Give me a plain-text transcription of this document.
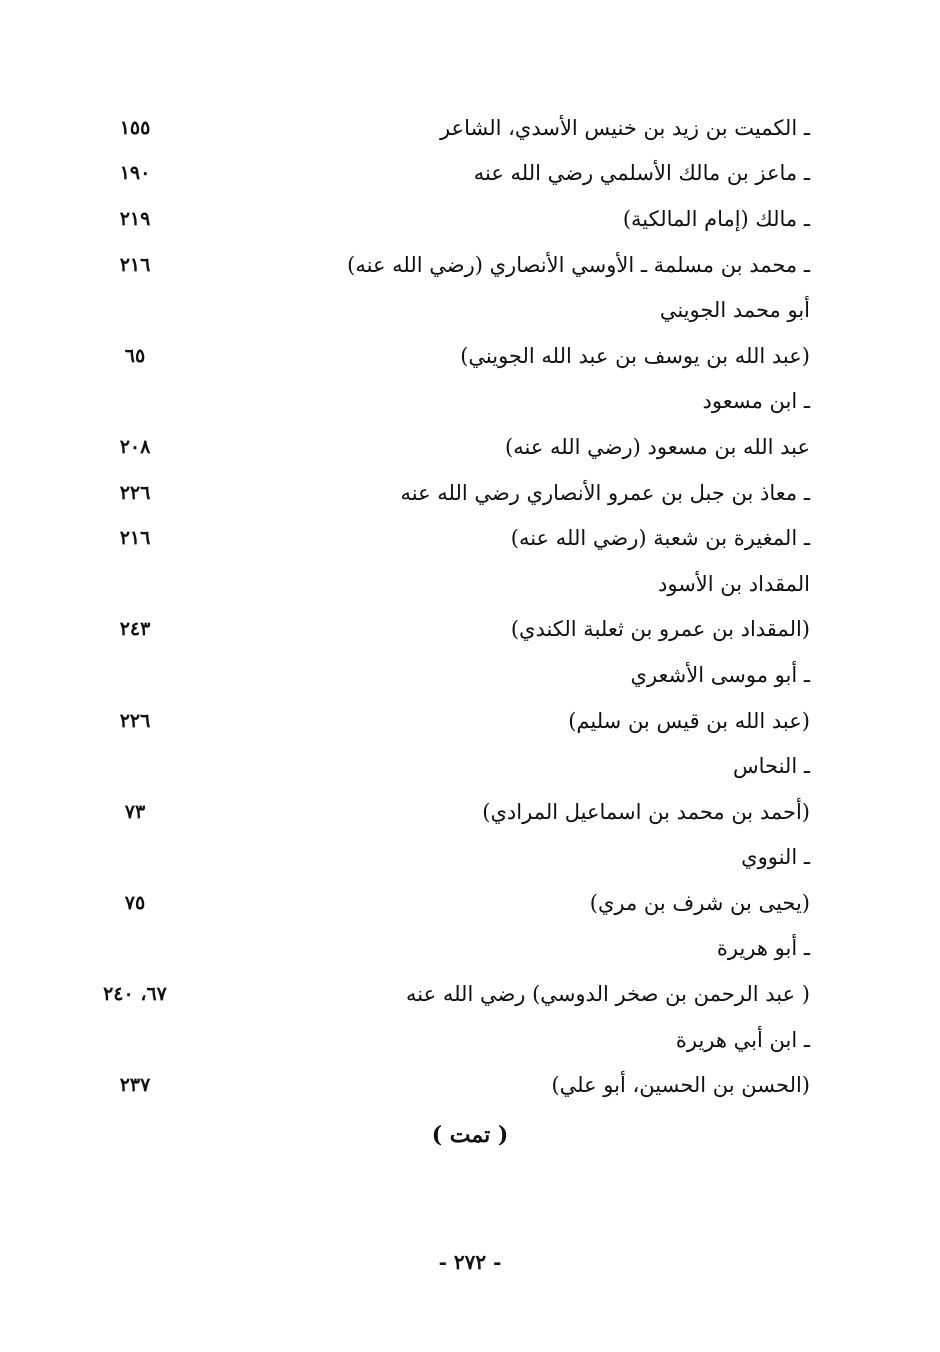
ـ الكميت بن زيد بن خنيس الأسدي، الشاعر
١٥٥
ـ ماعز بن مالك الأسلمي رضي الله عنه
١٩٠
ـ مالك (إمام المالكية)
٢١٩
ـ محمد بن مسلمة ـ الأوسي الأنصاري (رضي الله عنه)
٢١٦
أبو محمد الجويني
(عبد الله بن يوسف بن عبد الله الجويني)
٦٥
ـ ابن مسعود
عبد الله بن مسعود (رضي الله عنه)
٢٠٨
ـ معاذ بن جبل بن عمرو الأنصاري رضي الله عنه
٢٢٦
ـ المغيرة بن شعبة (رضي الله عنه)
٢١٦
المقداد بن الأسود
(المقداد بن عمرو بن ثعلبة الكندي)
٢٤٣
ـ أبو موسى الأشعري
(عبد الله بن قيس بن سليم)
٢٢٦
ـ النحاس
(أحمد بن محمد بن اسماعيل المرادي)
٧٣
ـ النووي
(يحيى بن شرف بن مري)
٧٥
ـ أبو هريرة
( عبد الرحمن بن صخر الدوسي) رضي الله عنه
٦٧، ٢٤٠
ـ ابن أبي هريرة
(الحسن بن الحسين، أبو علي)
٢٣٧
( تمت )
- ٢٧٢ -
